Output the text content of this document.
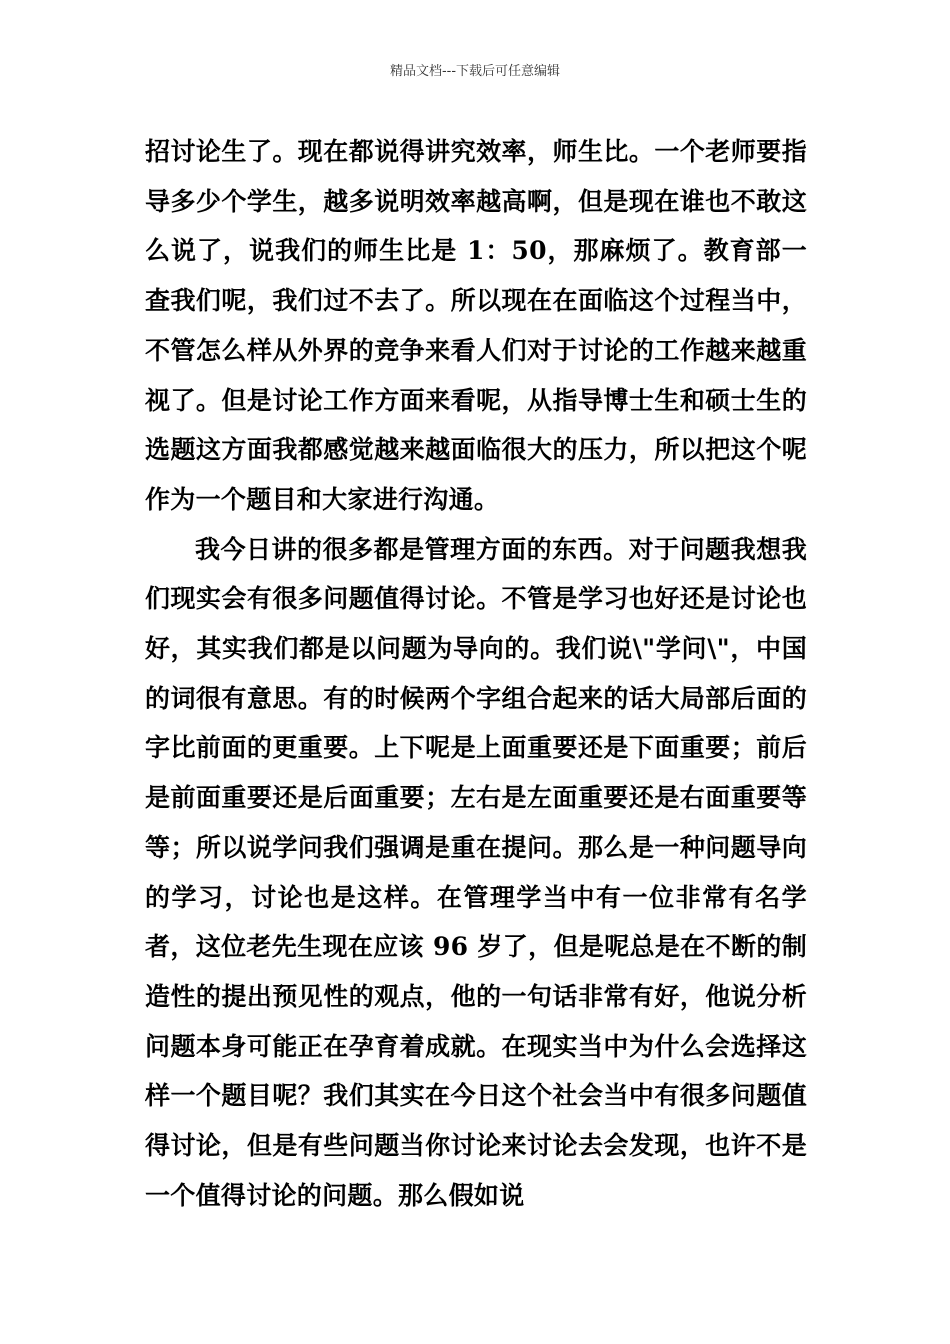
精品文档---下载后可任意编辑

招讨论生了。现在都说得讲究效率，师生比。一个老师要指导多少个学生，越多说明效率越高啊，但是现在谁也不敢这么说了，说我们的师生比是 1：50，那麻烦了。教育部一查我们呢，我们过不去了。所以现在在面临这个过程当中，不管怎么样从外界的竞争来看人们对于讨论的工作越来越重视了。但是讨论工作方面来看呢，从指导博士生和硕士生的选题这方面我都感觉越来越面临很大的压力，所以把这个呢作为一个题目和大家进行沟通。

我今日讲的很多都是管理方面的东西。对于问题我想我们现实会有很多问题值得讨论。不管是学习也好还是讨论也好，其实我们都是以问题为导向的。我们说\"学问\"，中国的词很有意思。有的时候两个字组合起来的话大局部后面的字比前面的更重要。上下呢是上面重要还是下面重要；前后是前面重要还是后面重要；左右是左面重要还是右面重要等等；所以说学问我们强调是重在提问。那么是一种问题导向的学习，讨论也是这样。在管理学当中有一位非常有名学者，这位老先生现在应该 96 岁了，但是呢总是在不断的制造性的提出预见性的观点，他的一句话非常有好，他说分析问题本身可能正在孕育着成就。在现实当中为什么会选择这样一个题目呢？我们其实在今日这个社会当中有很多问题值得讨论，但是有些问题当你讨论来讨论去会发现，也许不是一个值得讨论的问题。那么假如说
